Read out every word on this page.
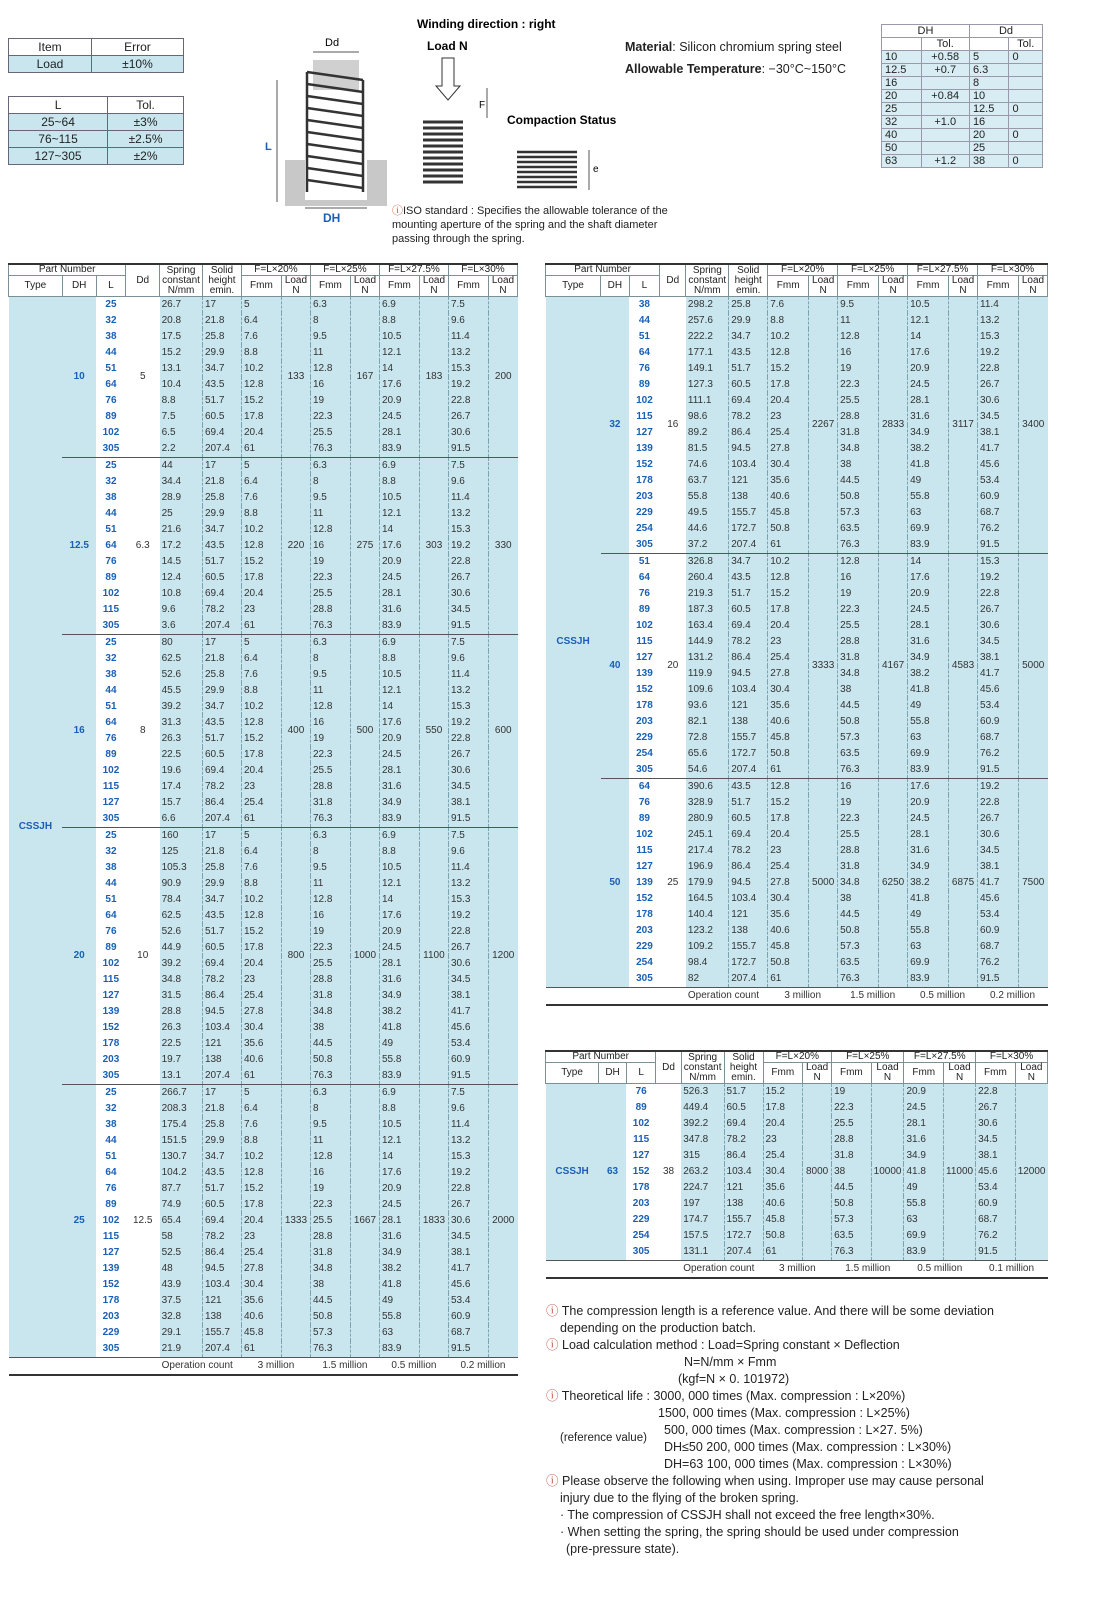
Item	Error
Load	±10%
L	Tol.
25~64	±3%
76~115	±2.5%
127~305	±2%
L
Dd
DH
Winding direction : right
Load N
F
Compaction Status
e
ⓘISO standard : Specifies the allowable tolerance of the mounting aperture of the spring and the shaft diameter passing through the spring.
Material: Silicon chromium spring steel
Allowable Temperature: −30°C~150°C
DH		Dd	
	Tol.		Tol.
10	+0.58	5	0
12.5	+0.7	6.3	
16		8	
20	+0.84	10	
25		12.5	0
32	+1.0	16	
40		20	0
50		25	
63	+1.2	38	0
Part Number			Dd	Spring constant N/mm	Solid height emin.	F=L×20%		F=L×25%		F=L×27.5%		F=L×30%	
Type	DH	L				Fmm	Load N	Fmm	Load N	Fmm	Load N	Fmm	Load N
CSSJH	10	25	5	26.7	17	5	133	6.3	167	6.9	183	7.5	200
		32		20.8	21.8	6.4		8		8.8		9.6	
		38		17.5	25.8	7.6		9.5		10.5		11.4	
		44		15.2	29.9	8.8		11		12.1		13.2	
		51		13.1	34.7	10.2		12.8		14		15.3	
		64		10.4	43.5	12.8		16		17.6		19.2	
		76		8.8	51.7	15.2		19		20.9		22.8	
		89		7.5	60.5	17.8		22.3		24.5		26.7	
		102		6.5	69.4	20.4		25.5		28.1		30.6	
		305		2.2	207.4	61		76.3		83.9		91.5	
	12.5	25	6.3	44	17	5	220	6.3	275	6.9	303	7.5	330
		32		34.4	21.8	6.4		8		8.8		9.6	
		38		28.9	25.8	7.6		9.5		10.5		11.4	
		44		25	29.9	8.8		11		12.1		13.2	
		51		21.6	34.7	10.2		12.8		14		15.3	
		64		17.2	43.5	12.8		16		17.6		19.2	
		76		14.5	51.7	15.2		19		20.9		22.8	
		89		12.4	60.5	17.8		22.3		24.5		26.7	
		102		10.8	69.4	20.4		25.5		28.1		30.6	
		115		9.6	78.2	23		28.8		31.6		34.5	
		305		3.6	207.4	61		76.3		83.9		91.5	
	16	25	8	80	17	5	400	6.3	500	6.9	550	7.5	600
		32		62.5	21.8	6.4		8		8.8		9.6	
		38		52.6	25.8	7.6		9.5		10.5		11.4	
		44		45.5	29.9	8.8		11		12.1		13.2	
		51		39.2	34.7	10.2		12.8		14		15.3	
		64		31.3	43.5	12.8		16		17.6		19.2	
		76		26.3	51.7	15.2		19		20.9		22.8	
		89		22.5	60.5	17.8		22.3		24.5		26.7	
		102		19.6	69.4	20.4		25.5		28.1		30.6	
		115		17.4	78.2	23		28.8		31.6		34.5	
		127		15.7	86.4	25.4		31.8		34.9		38.1	
		305		6.6	207.4	61		76.3		83.9		91.5	
	20	25	10	160	17	5	800	6.3	1000	6.9	1100	7.5	1200
		32		125	21.8	6.4		8		8.8		9.6	
		38		105.3	25.8	7.6		9.5		10.5		11.4	
		44		90.9	29.9	8.8		11		12.1		13.2	
		51		78.4	34.7	10.2		12.8		14		15.3	
		64		62.5	43.5	12.8		16		17.6		19.2	
		76		52.6	51.7	15.2		19		20.9		22.8	
		89		44.9	60.5	17.8		22.3		24.5		26.7	
		102		39.2	69.4	20.4		25.5		28.1		30.6	
		115		34.8	78.2	23		28.8		31.6		34.5	
		127		31.5	86.4	25.4		31.8		34.9		38.1	
		139		28.8	94.5	27.8		34.8		38.2		41.7	
		152		26.3	103.4	30.4		38		41.8		45.6	
		178		22.5	121	35.6		44.5		49		53.4	
		203		19.7	138	40.6		50.8		55.8		60.9	
		305		13.1	207.4	61		76.3		83.9		91.5	
	25	25	12.5	266.7	17	5	1333	6.3	1667	6.9	1833	7.5	2000
		32		208.3	21.8	6.4		8		8.8		9.6	
		38		175.4	25.8	7.6		9.5		10.5		11.4	
		44		151.5	29.9	8.8		11		12.1		13.2	
		51		130.7	34.7	10.2		12.8		14		15.3	
		64		104.2	43.5	12.8		16		17.6		19.2	
		76		87.7	51.7	15.2		19		20.9		22.8	
		89		74.9	60.5	17.8		22.3		24.5		26.7	
		102		65.4	69.4	20.4		25.5		28.1		30.6	
		115		58	78.2	23		28.8		31.6		34.5	
		127		52.5	86.4	25.4		31.8		34.9		38.1	
		139		48	94.5	27.8		34.8		38.2		41.7	
		152		43.9	103.4	30.4		38		41.8		45.6	
		178		37.5	121	35.6		44.5		49		53.4	
		203		32.8	138	40.6		50.8		55.8		60.9	
		229		29.1	155.7	45.8		57.3		63		68.7	
		305		21.9	207.4	61		76.3		83.9		91.5	
				Operation count		3 million		1.5 million		0.5 million		0.2 million	
Part Number			Dd	Spring constant N/mm	Solid height emin.	F=L×20%		F=L×25%		F=L×27.5%		F=L×30%	
Type	DH	L				Fmm	Load N	Fmm	Load N	Fmm	Load N	Fmm	Load N
CSSJH	32	38	16	298.2	25.8	7.6	2267	9.5	2833	10.5	3117	11.4	3400
		44		257.6	29.9	8.8		11		12.1		13.2	
		51		222.2	34.7	10.2		12.8		14		15.3	
		64		177.1	43.5	12.8		16		17.6		19.2	
		76		149.1	51.7	15.2		19		20.9		22.8	
		89		127.3	60.5	17.8		22.3		24.5		26.7	
		102		111.1	69.4	20.4		25.5		28.1		30.6	
		115		98.6	78.2	23		28.8		31.6		34.5	
		127		89.2	86.4	25.4		31.8		34.9		38.1	
		139		81.5	94.5	27.8		34.8		38.2		41.7	
		152		74.6	103.4	30.4		38		41.8		45.6	
		178		63.7	121	35.6		44.5		49		53.4	
		203		55.8	138	40.6		50.8		55.8		60.9	
		229		49.5	155.7	45.8		57.3		63		68.7	
		254		44.6	172.7	50.8		63.5		69.9		76.2	
		305		37.2	207.4	61		76.3		83.9		91.5	
	40	51	20	326.8	34.7	10.2	3333	12.8	4167	14	4583	15.3	5000
		64		260.4	43.5	12.8		16		17.6		19.2	
		76		219.3	51.7	15.2		19		20.9		22.8	
		89		187.3	60.5	17.8		22.3		24.5		26.7	
		102		163.4	69.4	20.4		25.5		28.1		30.6	
		115		144.9	78.2	23		28.8		31.6		34.5	
		127		131.2	86.4	25.4		31.8		34.9		38.1	
		139		119.9	94.5	27.8		34.8		38.2		41.7	
		152		109.6	103.4	30.4		38		41.8		45.6	
		178		93.6	121	35.6		44.5		49		53.4	
		203		82.1	138	40.6		50.8		55.8		60.9	
		229		72.8	155.7	45.8		57.3		63		68.7	
		254		65.6	172.7	50.8		63.5		69.9		76.2	
		305		54.6	207.4	61		76.3		83.9		91.5	
	50	64	25	390.6	43.5	12.8	5000	16	6250	17.6	6875	19.2	7500
		76		328.9	51.7	15.2		19		20.9		22.8	
		89		280.9	60.5	17.8		22.3		24.5		26.7	
		102		245.1	69.4	20.4		25.5		28.1		30.6	
		115		217.4	78.2	23		28.8		31.6		34.5	
		127		196.9	86.4	25.4		31.8		34.9		38.1	
		139		179.9	94.5	27.8		34.8		38.2		41.7	
		152		164.5	103.4	30.4		38		41.8		45.6	
		178		140.4	121	35.6		44.5		49		53.4	
		203		123.2	138	40.6		50.8		55.8		60.9	
		229		109.2	155.7	45.8		57.3		63		68.7	
		254		98.4	172.7	50.8		63.5		69.9		76.2	
		305		82	207.4	61		76.3		83.9		91.5	
				Operation count		3 million		1.5 million		0.5 million		0.2 million	
Part Number			Dd	Spring constant N/mm	Solid height emin.	F=L×20%		F=L×25%		F=L×27.5%		F=L×30%	
Type	DH	L				Fmm	Load N	Fmm	Load N	Fmm	Load N	Fmm	Load N
CSSJH	63	76	38	526.3	51.7	15.2	8000	19	10000	20.9	11000	22.8	12000
		89		449.4	60.5	17.8		22.3		24.5		26.7	
		102		392.2	69.4	20.4		25.5		28.1		30.6	
		115		347.8	78.2	23		28.8		31.6		34.5	
		127		315	86.4	25.4		31.8		34.9		38.1	
		152		263.2	103.4	30.4		38		41.8		45.6	
		178		224.7	121	35.6		44.5		49		53.4	
		203		197	138	40.6		50.8		55.8		60.9	
		229		174.7	155.7	45.8		57.3		63		68.7	
		254		157.5	172.7	50.8		63.5		69.9		76.2	
		305		131.1	207.4	61		76.3		83.9		91.5	
				Operation count		3 million		1.5 million		0.5 million		0.1 million	
ⓘ The compression length is a reference value. And there will be some deviation
depending on the production batch.
ⓘ Load calculation method : Load=Spring constant × Deflection
N=N/mm × Fmm
(kgf=N × 0. 101972)
ⓘ Theoretical life : 3000, 000 times (Max. compression : L×20%)
1500, 000 times (Max. compression : L×25%)
500, 000 times (Max. compression : L×27. 5%)
(reference value)
DH≤50 200, 000 times (Max. compression : L×30%)
DH=63 100, 000 times (Max. compression : L×30%)
ⓘ Please observe the following when using. Improper use may cause personal
injury due to the flying of the broken spring.
· The compression of CSSJH shall not exceed the free length×30%.
· When setting the spring, the spring should be used under compression
(pre-pressure state).
